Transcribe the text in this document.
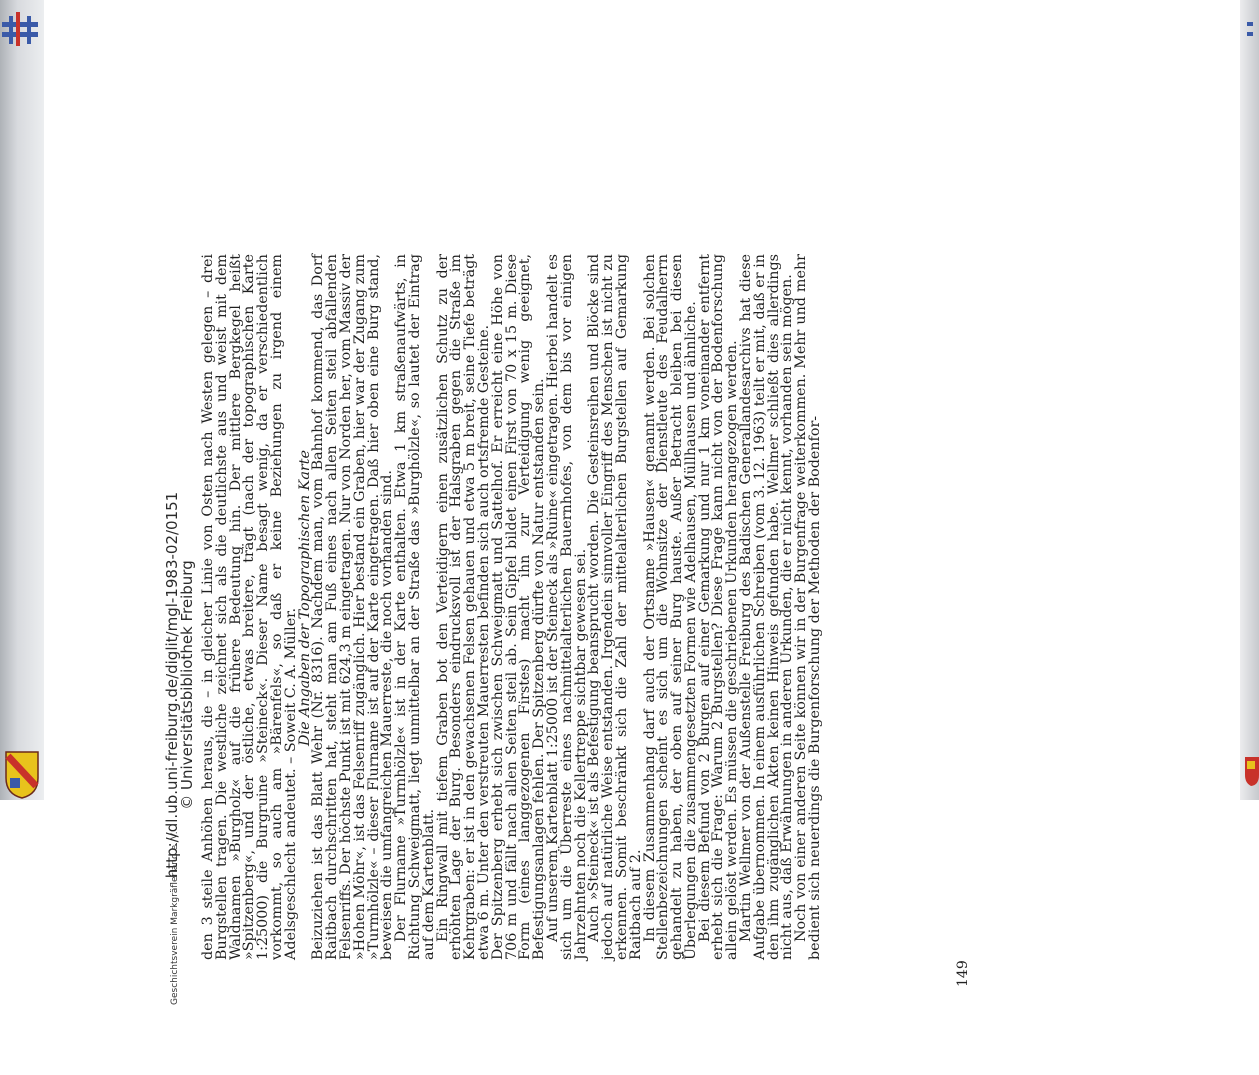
http://dl.ub.uni-freiburg.de/diglit/mgl-1983-02/0151
© Universitätsbibliothek Freiburg
Geschichtsverein Markgräflerland e. V.	149

den 3 steile Anhöhen heraus, die – in gleicher Linie von Osten nach Westen gelegen – drei Burgstellen tragen. Die westliche zeichnet sich als die deutlichste aus und weist mit dem Waldnamen »Burgholz« auf die frühere Bedeutung hin. Der mittlere Bergkegel heißt »Spitzenberg«, und der östliche, etwas breitere, trägt (nach der topographischen Karte 1:25000) die Burgruine »Steineck«. Dieser Name besagt wenig, da er verschiedentlich vorkommt, so auch am »Bärenfels«, so daß er keine Beziehungen zu irgend einem Adelsgeschlecht andeutet. – Soweit C. A. Müller.

Die Angaben der Topographischen Karte

Beizuziehen ist das Blatt Wehr (Nr. 8316). Nachdem man, vom Bahnhof kommend, das Dorf Raitbach durchschritten hat, steht man am Fuß eines nach allen Seiten steil abfallenden Felsenriffs. Der höchste Punkt ist mit 624,3 m eingetragen. Nur von Norden her, vom Massiv der »Hohen Möhr«, ist das Felsenriff zugänglich. Hier bestand ein Graben, hier war der Zugang zum »Turmhölzle« – dieser Flurname ist auf der Karte eingetragen. Daß hier oben eine Burg stand, beweisen die umfangreichen Mauerreste, die noch vorhanden sind.

Der Flurname »Turmhölzle« ist in der Karte enthalten. Etwa 1 km straßenaufwärts, in Richtung Schweigmatt, liegt unmittelbar an der Straße das »Burghölzle«, so lautet der Eintrag auf dem Kartenblatt.

Ein Ringwall mit tiefem Graben bot den Verteidigern einen zusätzlichen Schutz zu der erhöhten Lage der Burg. Besonders eindrucksvoll ist der Halsgraben gegen die Straße im Kehrgraben: er ist in den gewachsenen Felsen gehauen und etwa 5 m breit, seine Tiefe beträgt etwa 6 m. Unter den verstreuten Mauerresten befinden sich auch ortsfremde Gesteine.

Der Spitzenberg erhebt sich zwischen Schweigmatt und Sattelhof. Er erreicht eine Höhe von 706 m und fällt nach allen Seiten steil ab. Sein Gipfel bildet einen First von 70 x 15 m. Diese Form (eines langgezogenen Firstes) macht ihn zur Verteidigung wenig geeignet, Befestigungsanlagen fehlen. Der Spitzenberg dürfte von Natur entstanden sein.

Auf unserem Kartenblatt 1:25000 ist der Steineck als »Ruine« eingetragen. Hierbei handelt es sich um die Überreste eines nachmittelalterlichen Bauernhofes, von dem bis vor einigen Jahrzehnten noch die Kellertreppe sichtbar gewesen sei.

Auch »Steineck« ist als Befestigung beansprucht worden. Die Gesteinsreihen und Blöcke sind jedoch auf natürliche Weise entstanden. Irgendein sinnvoller Eingriff des Menschen ist nicht zu erkennen. Somit beschränkt sich die Zahl der mittelalterlichen Burgstellen auf Gemarkung Raitbach auf 2.

In diesem Zusammenhang darf auch der Ortsname »Hausen« genannt werden. Bei solchen Stellenbezeichnungen scheint es sich um die Wohnsitze der Dienstleute des Feudalherrn gehandelt zu haben, der oben auf seiner Burg hauste. Außer Betracht bleiben bei diesen Überlegungen die zusammengesetzten Formen wie Adelhausen, Müllhausen und ähnliche.

Bei diesem Befund von 2 Burgen auf einer Gemarkung und nur 1 km voneinander entfernt erhebt sich die Frage: Warum 2 Burgstellen? Diese Frage kann nicht von der Bodenforschung allein gelöst werden. Es müssen die geschriebenen Urkunden herangezogen werden.

Martin Wellmer von der Außenstelle Freiburg des Badischen Generallandesarchivs hat diese Aufgabe übernommen. In einem ausführlichen Schreiben (vom 3. 12. 1963) teilt er mit, daß er in den ihm zugänglichen Akten keinen Hinweis gefunden habe. Wellmer schließt dies allerdings nicht aus, daß Erwähnungen in anderen Urkunden, die er nicht kennt, vorhanden sein mögen.

Noch von einer anderen Seite können wir in der Burgenfrage weiterkommen. Mehr und mehr bedient sich neuerdings die Burgenforschung der Methoden der Bodenfor-
